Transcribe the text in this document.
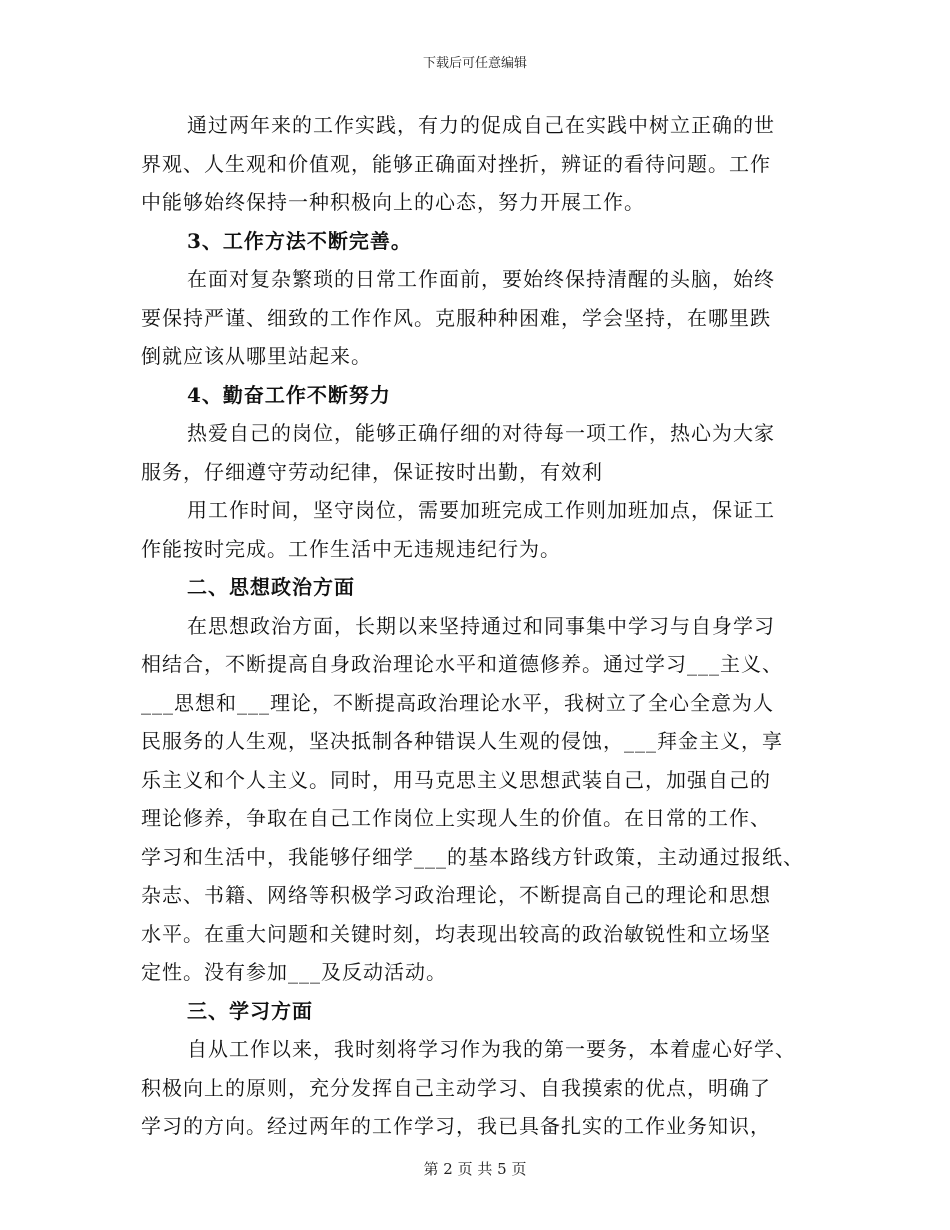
下载后可任意编辑
通过两年来的工作实践，有力的促成自己在实践中树立正确的世
界观、人生观和价值观，能够正确面对挫折，辨证的看待问题。工作
中能够始终保持一种积极向上的心态，努力开展工作。
3、工作方法不断完善。
在面对复杂繁琐的日常工作面前，要始终保持清醒的头脑，始终
要保持严谨、细致的工作作风。克服种种困难，学会坚持，在哪里跌
倒就应该从哪里站起来。
4、勤奋工作不断努力
热爱自己的岗位，能够正确仔细的对待每一项工作，热心为大家
服务，仔细遵守劳动纪律，保证按时出勤，有效利
用工作时间，坚守岗位，需要加班完成工作则加班加点，保证工
作能按时完成。工作生活中无违规违纪行为。
二、思想政治方面
在思想政治方面，长期以来坚持通过和同事集中学习与自身学习
相结合，不断提高自身政治理论水平和道德修养。通过学习___主义、
___思想和___理论，不断提高政治理论水平，我树立了全心全意为人
民服务的人生观，坚决抵制各种错误人生观的侵蚀，___拜金主义，享
乐主义和个人主义。同时，用马克思主义思想武装自己，加强自己的
理论修养，争取在自己工作岗位上实现人生的价值。在日常的工作、
学习和生活中，我能够仔细学___的基本路线方针政策，主动通过报纸、
杂志、书籍、网络等积极学习政治理论，不断提高自己的理论和思想
水平。在重大问题和关键时刻，均表现出较高的政治敏锐性和立场坚
定性。没有参加___及反动活动。
三、学习方面
自从工作以来，我时刻将学习作为我的第一要务，本着虚心好学、
积极向上的原则，充分发挥自己主动学习、自我摸索的优点，明确了
学习的方向。经过两年的工作学习，我已具备扎实的工作业务知识，
第 2 页 共 5 页
